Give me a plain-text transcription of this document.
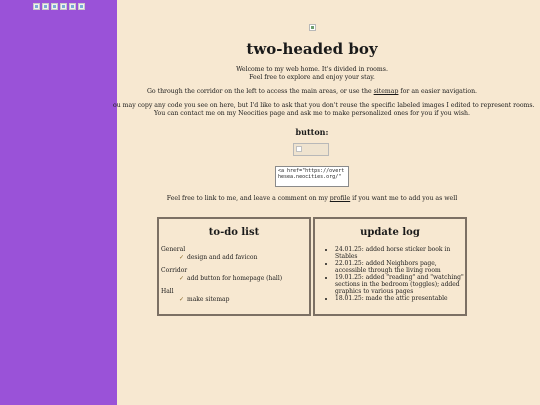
two-headed boy

Welcome to my web home. It's divided in rooms.

Feel free to explore and enjoy your stay.

Go through the corridor on the left to access the main areas, or use the sitemap for an easier navigation.

ou may copy any code you see on here, but I'd like to ask that you don't reuse the specific labeled images I edited to represent rooms.

You can contact me on my Neocities page and ask me to make personalized ones for you if you wish.

button:

<a href="https://overthesea.neocities.org/"

Feel free to link to me, and leave a comment on my profile if you want me to add you as well

to-do list
General
✓ design and add favicon
Corridor
✓ add button for homepage (hall)
Hall
✓ make sitemap
update log
• 24.01.25: added horse sticker book in Stables
• 22.01.25: added Neighbors page, accessible through the living room
• 19.01.25: added "reading" and "watching" sections in the bedroom (toggles); added graphics to various pages
• 18.01.25: made the attic presentable
